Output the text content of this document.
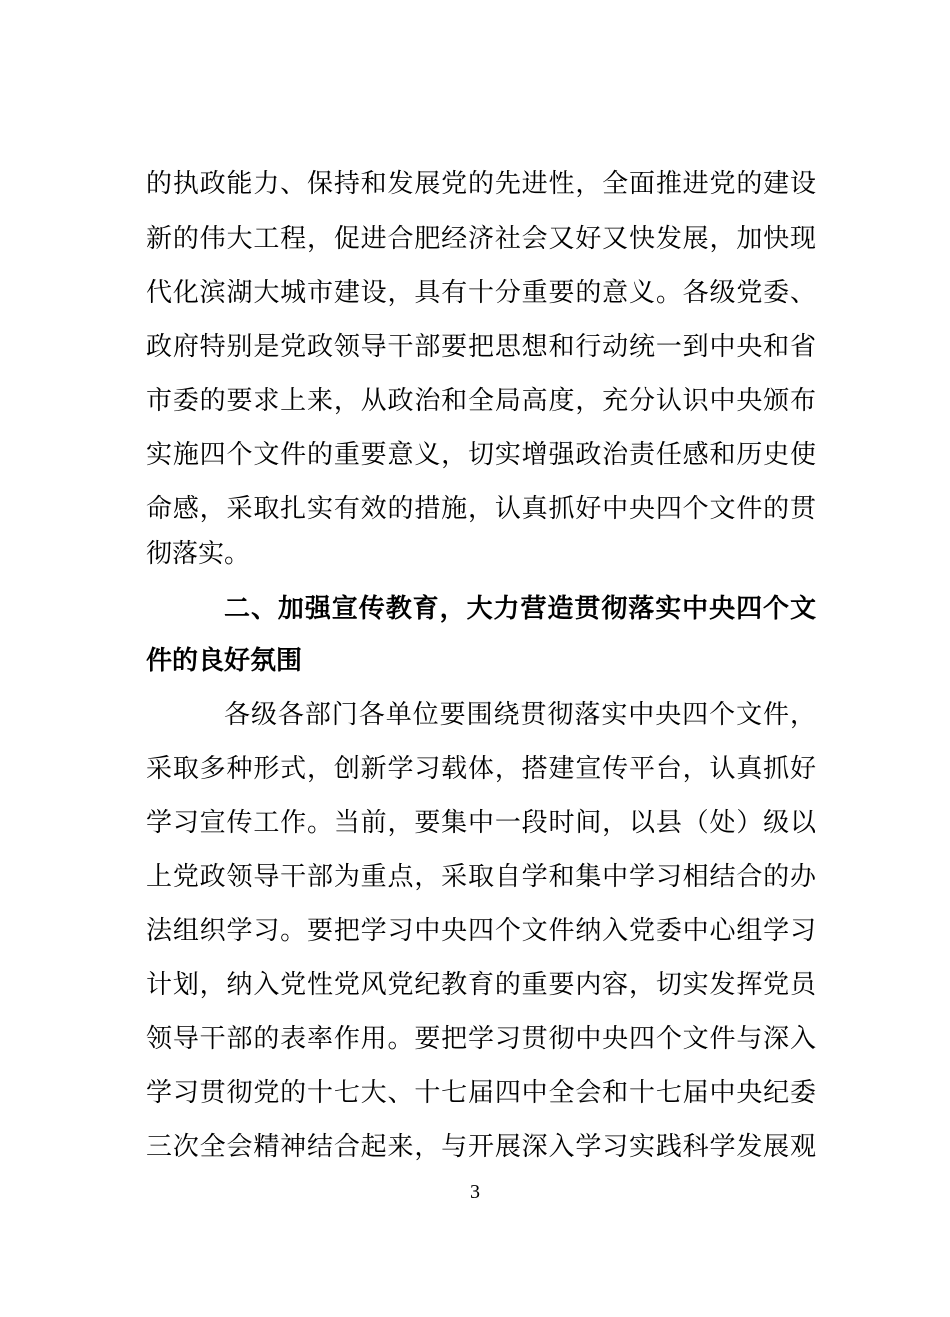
的执政能力、保持和发展党的先进性，全面推进党的建设
新的伟大工程，促进合肥经济社会又好又快发展，加快现
代化滨湖大城市建设，具有十分重要的意义。各级党委、
政府特别是党政领导干部要把思想和行动统一到中央和省
市委的要求上来，从政治和全局高度，充分认识中央颁布
实施四个文件的重要意义，切实增强政治责任感和历史使
命感，采取扎实有效的措施，认真抓好中央四个文件的贯
彻落实。
二、加强宣传教育，大力营造贯彻落实中央四个文
件的良好氛围
各级各部门各单位要围绕贯彻落实中央四个文件，
采取多种形式，创新学习载体，搭建宣传平台，认真抓好
学习宣传工作。当前，要集中一段时间，以县（处）级以
上党政领导干部为重点，采取自学和集中学习相结合的办
法组织学习。要把学习中央四个文件纳入党委中心组学习
计划，纳入党性党风党纪教育的重要内容，切实发挥党员
领导干部的表率作用。要把学习贯彻中央四个文件与深入
学习贯彻党的十七大、十七届四中全会和十七届中央纪委
三次全会精神结合起来，与开展深入学习实践科学发展观
3
